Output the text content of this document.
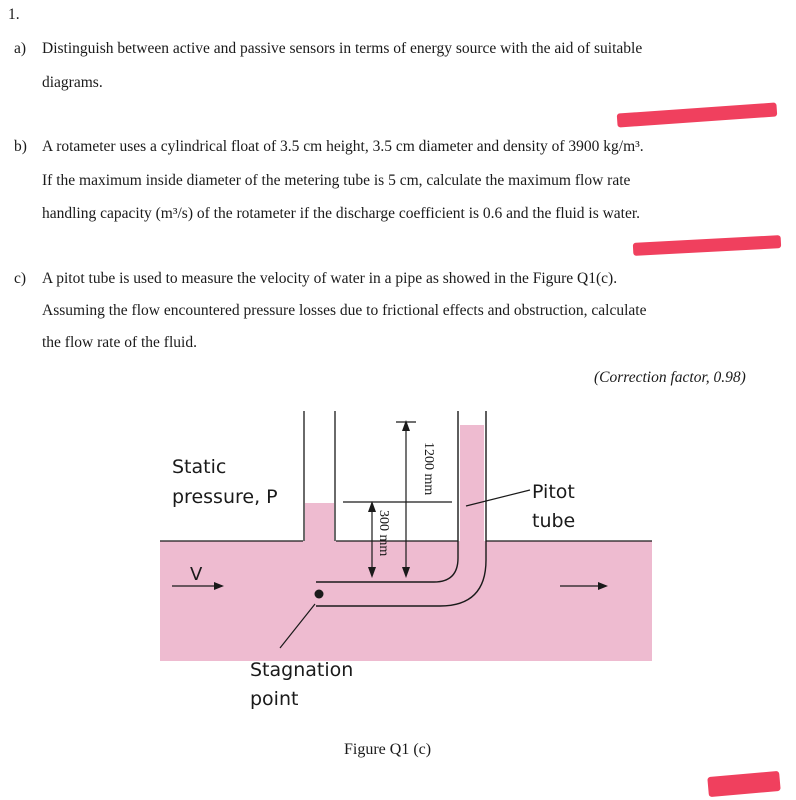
1.
a) Distinguish between active and passive sensors in terms of energy source with the aid of suitable
diagrams.
b) A rotameter uses a cylindrical float of 3.5 cm height, 3.5 cm diameter and density of 3900 kg/m³.
If the maximum inside diameter of the metering tube is 5 cm, calculate the maximum flow rate
handling capacity (m³/s) of the rotameter if the discharge coefficient is 0.6 and the fluid is water.
c) A pitot tube is used to measure the velocity of water in a pipe as showed in the Figure Q1(c).
Assuming the flow encountered pressure losses due to frictional effects and obstruction, calculate
the flow rate of the fluid.
(Correction factor, 0.98)
300 mm
1200 mm
Static
pressure, P
V
Pitot
tube
Stagnation
point
Figure Q1 (c)
